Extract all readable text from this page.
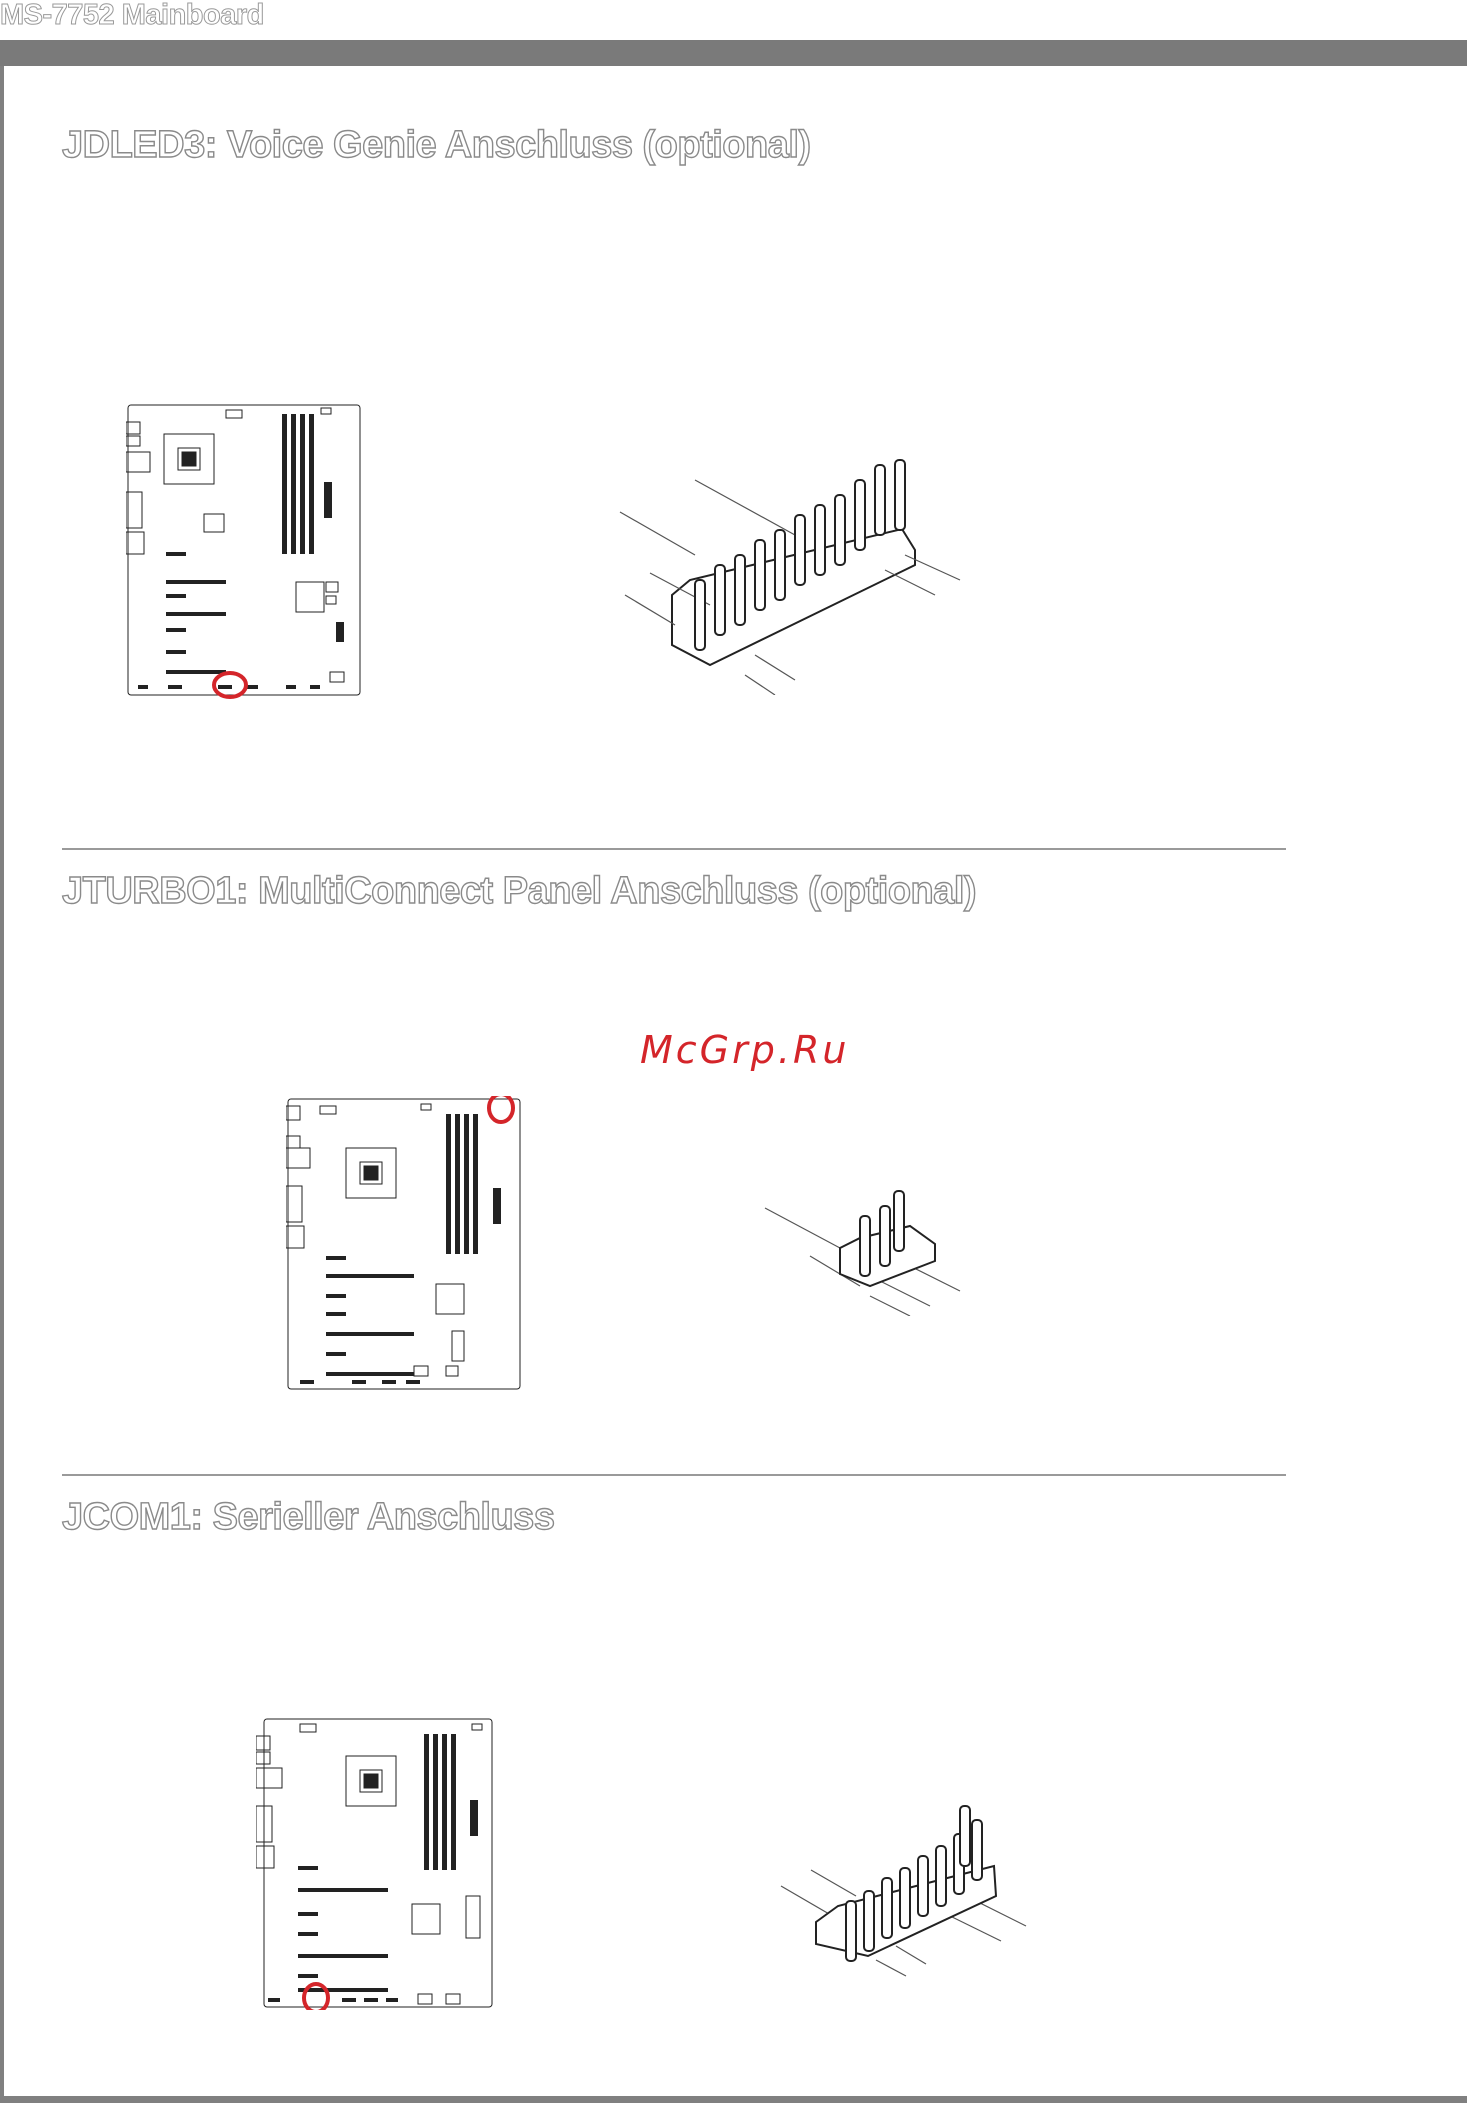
MS-7752 Mainboard
JDLED3: Voice Genie Anschluss (optional)
JTURBO1: MultiConnect Panel Anschluss (optional)
McGrp.Ru
JCOM1: Serieller Anschluss
